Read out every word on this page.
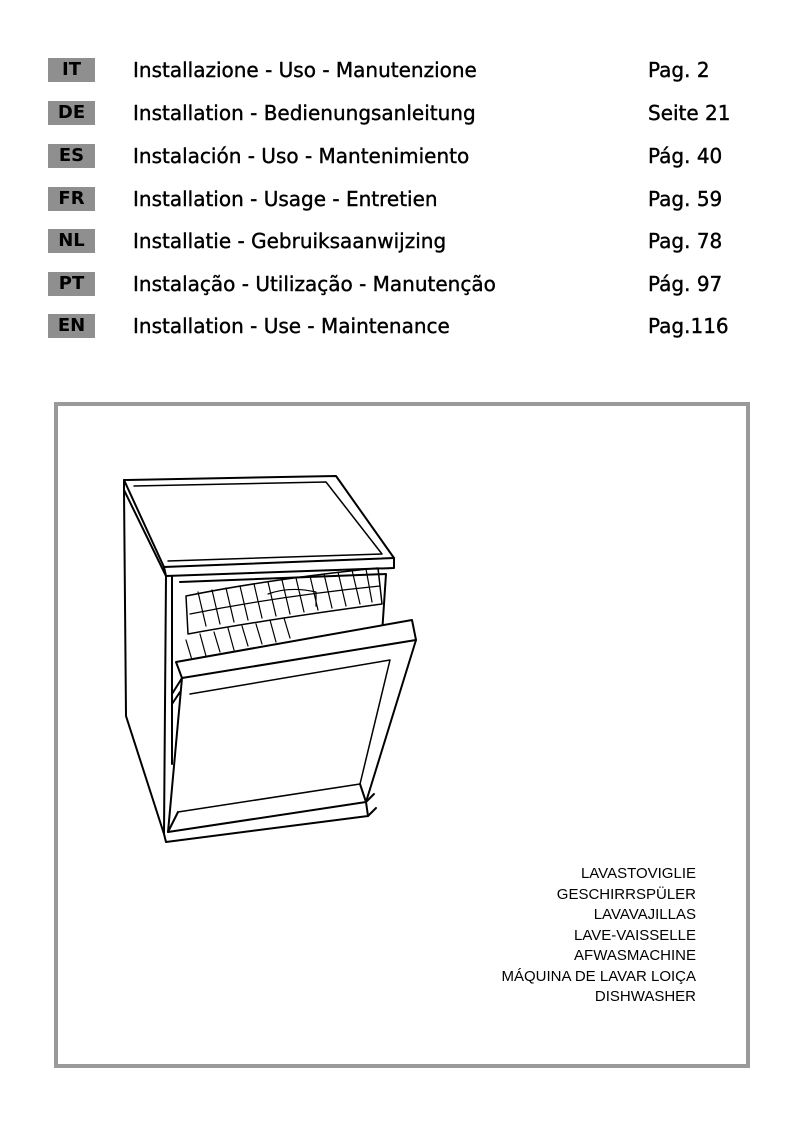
IT	Installazione - Uso - Manutenzione	Pag. 2
DE	Installation - Bedienungsanleitung	Seite 21
ES	Instalación - Uso - Mantenimiento	Pág. 40
FR	Installation - Usage - Entretien	Pag. 59
NL	Installatie - Gebruiksaanwijzing	Pag. 78
PT	Instalação - Utilização - Manutenção	Pág. 97
EN	Installation - Use - Maintenance	Pag.116
LAVASTOVIGLIE
GESCHIRRSPÜLER
LAVAVAJILLAS
LAVE-VAISSELLE
AFWASMACHINE
MÁQUINA DE LAVAR LOIÇA
DISHWASHER
